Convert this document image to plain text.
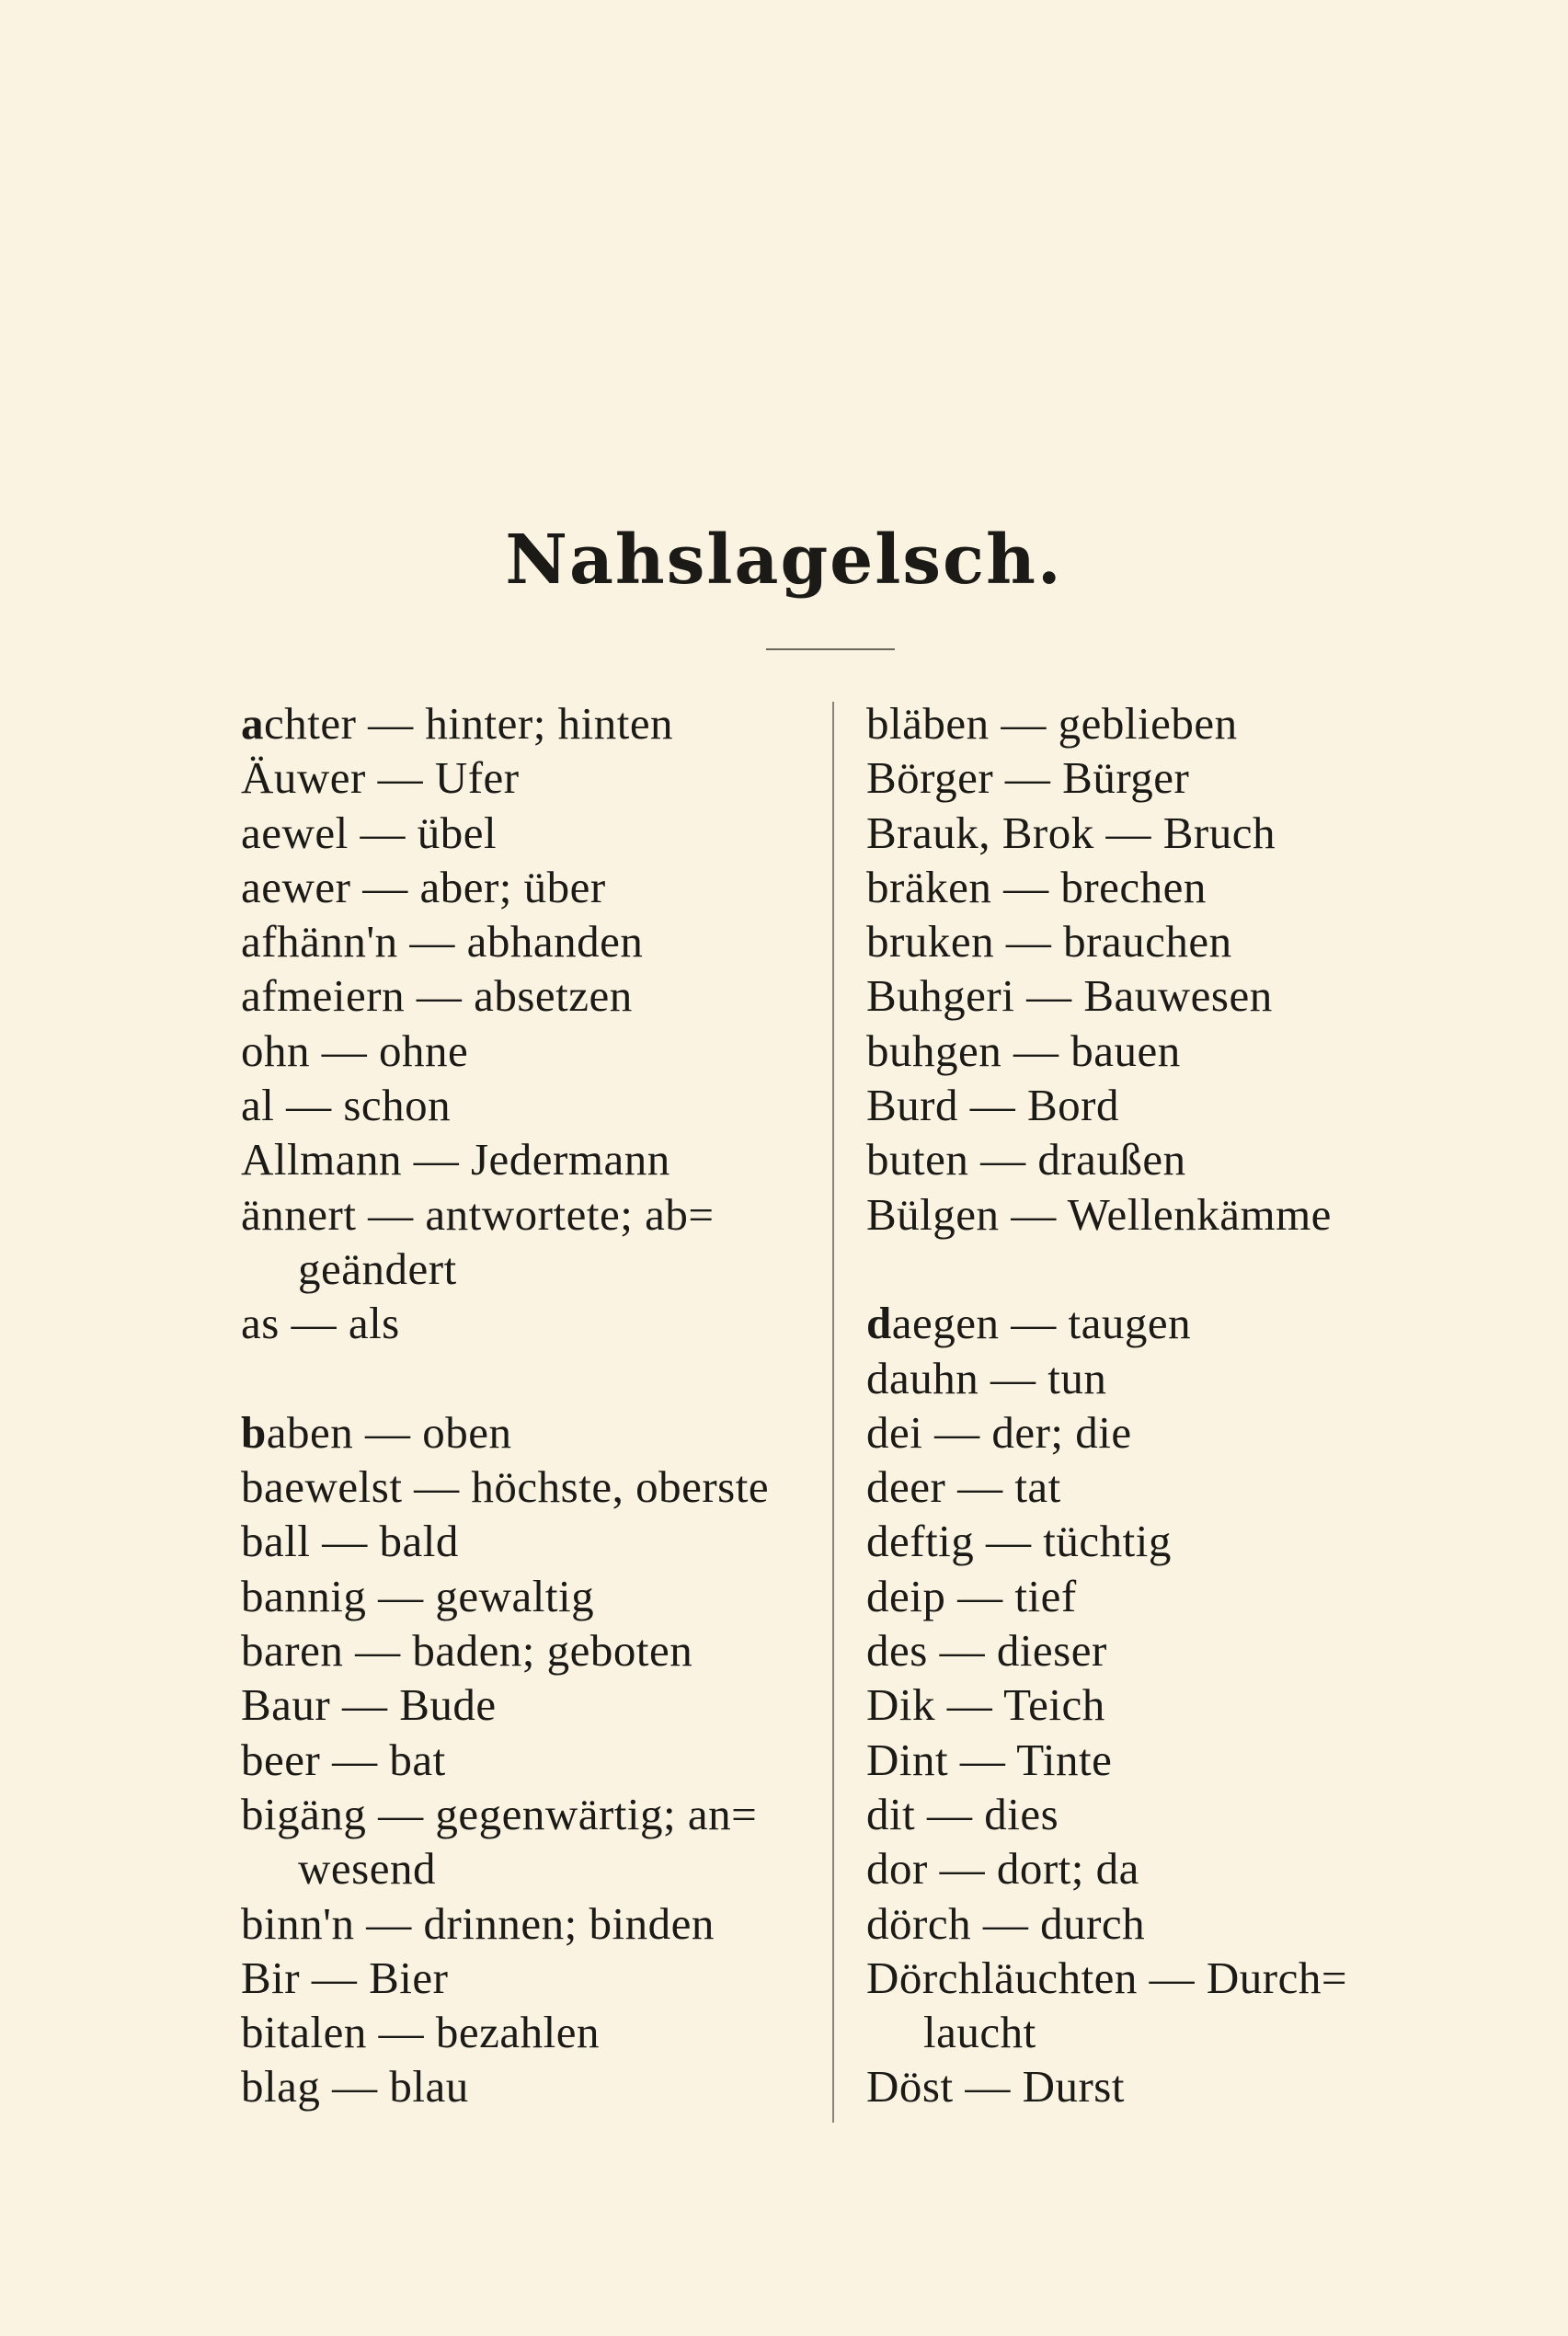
Nahslagelsch.
achter — hinter; hinten
Äuwer — Ufer
aewel — übel
aewer — aber; über
afhänn'n — abhanden
afmeiern — absetzen
ohn — ohne
al — schon
Allmann — Jedermann
ännert — antwortete; ab=
geändert
as — als
baben — oben
baewelst — höchste, oberste
ball — bald
bannig — gewaltig
baren — baden; geboten
Baur — Bude
beer — bat
bigäng — gegenwärtig; an=
wesend
binn'n — drinnen; binden
Bir — Bier
bitalen — bezahlen
blag — blau
bläben — geblieben
Börger — Bürger
Brauk, Brok — Bruch
bräken — brechen
bruken — brauchen
Buhgeri — Bauwesen
buhgen — bauen
Burd — Bord
buten — draußen
Bülgen — Wellenkämme
daegen — taugen
dauhn — tun
dei — der; die
deer — tat
deftig — tüchtig
deip — tief
des — dieser
Dik — Teich
Dint — Tinte
dit — dies
dor — dort; da
dörch — durch
Dörchläuchten — Durch=
laucht
Döst — Durst
